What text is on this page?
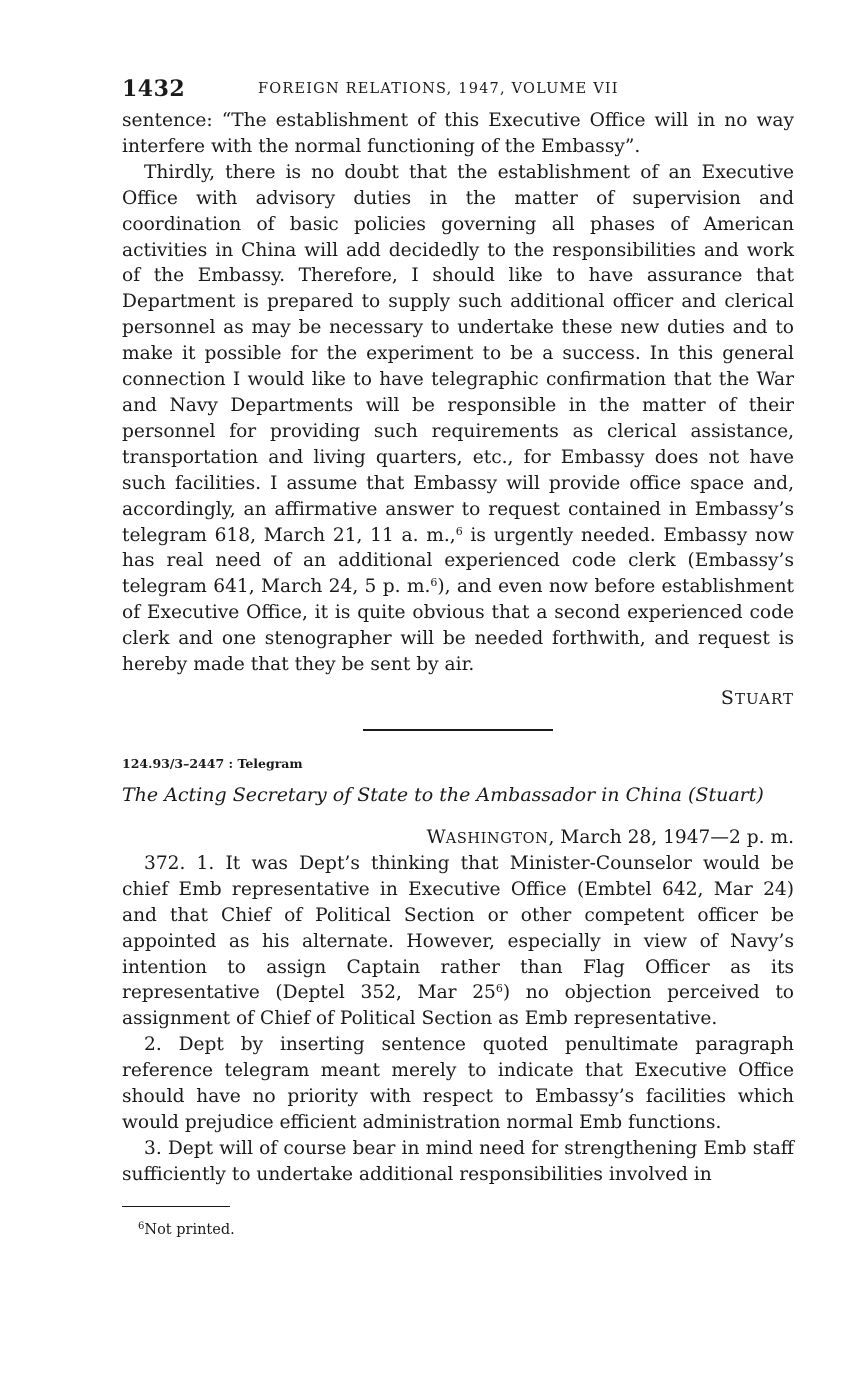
1432	FOREIGN RELATIONS, 1947, VOLUME VII

sentence: “The establishment of this Executive Office will in no way interfere with the normal functioning of the Embassy”.

Thirdly, there is no doubt that the establishment of an Executive Office with advisory duties in the matter of supervision and coordination of basic policies governing all phases of American activities in China will add decidedly to the responsibilities and work of the Embassy. Therefore, I should like to have assurance that Department is prepared to supply such additional officer and clerical personnel as may be necessary to undertake these new duties and to make it possible for the experiment to be a success. In this general connection I would like to have telegraphic confirmation that the War and Navy Departments will be responsible in the matter of their personnel for providing such requirements as clerical assistance, transportation and living quarters, etc., for Embassy does not have such facilities. I assume that Embassy will provide office space and, accordingly, an affirmative answer to request contained in Embassy’s telegram 618, March 21, 11 a. m.,$^6$ is urgently needed. Embassy now has real need of an additional experienced code clerk (Embassy’s telegram 641, March 24, 5 p. m.$^6$), and even now before establishment of Executive Office, it is quite obvious that a second experienced code clerk and one stenographer will be needed forthwith, and request is hereby made that they be sent by air.

STUART
124.93/3–2447 : Telegram
The Acting Secretary of State to the Ambassador in China (Stuart)
WASHINGTON, March 28, 1947—2 p. m.

372. 1. It was Dept’s thinking that Minister-Counselor would be chief Emb representative in Executive Office (Embtel 642, Mar 24) and that Chief of Political Section or other competent officer be appointed as his alternate. However, especially in view of Navy’s intention to assign Captain rather than Flag Officer as its representative (Deptel 352, Mar $25^6$) no objection perceived to assignment of Chief of Political Section as Emb representative.

2. Dept by inserting sentence quoted penultimate paragraph reference telegram meant merely to indicate that Executive Office should have no priority with respect to Embassy’s facilities which would prejudice efficient administration normal Emb functions.

3. Dept will of course bear in mind need for strengthening Emb staff sufficiently to undertake additional responsibilities involved in

$^6$Not printed.
